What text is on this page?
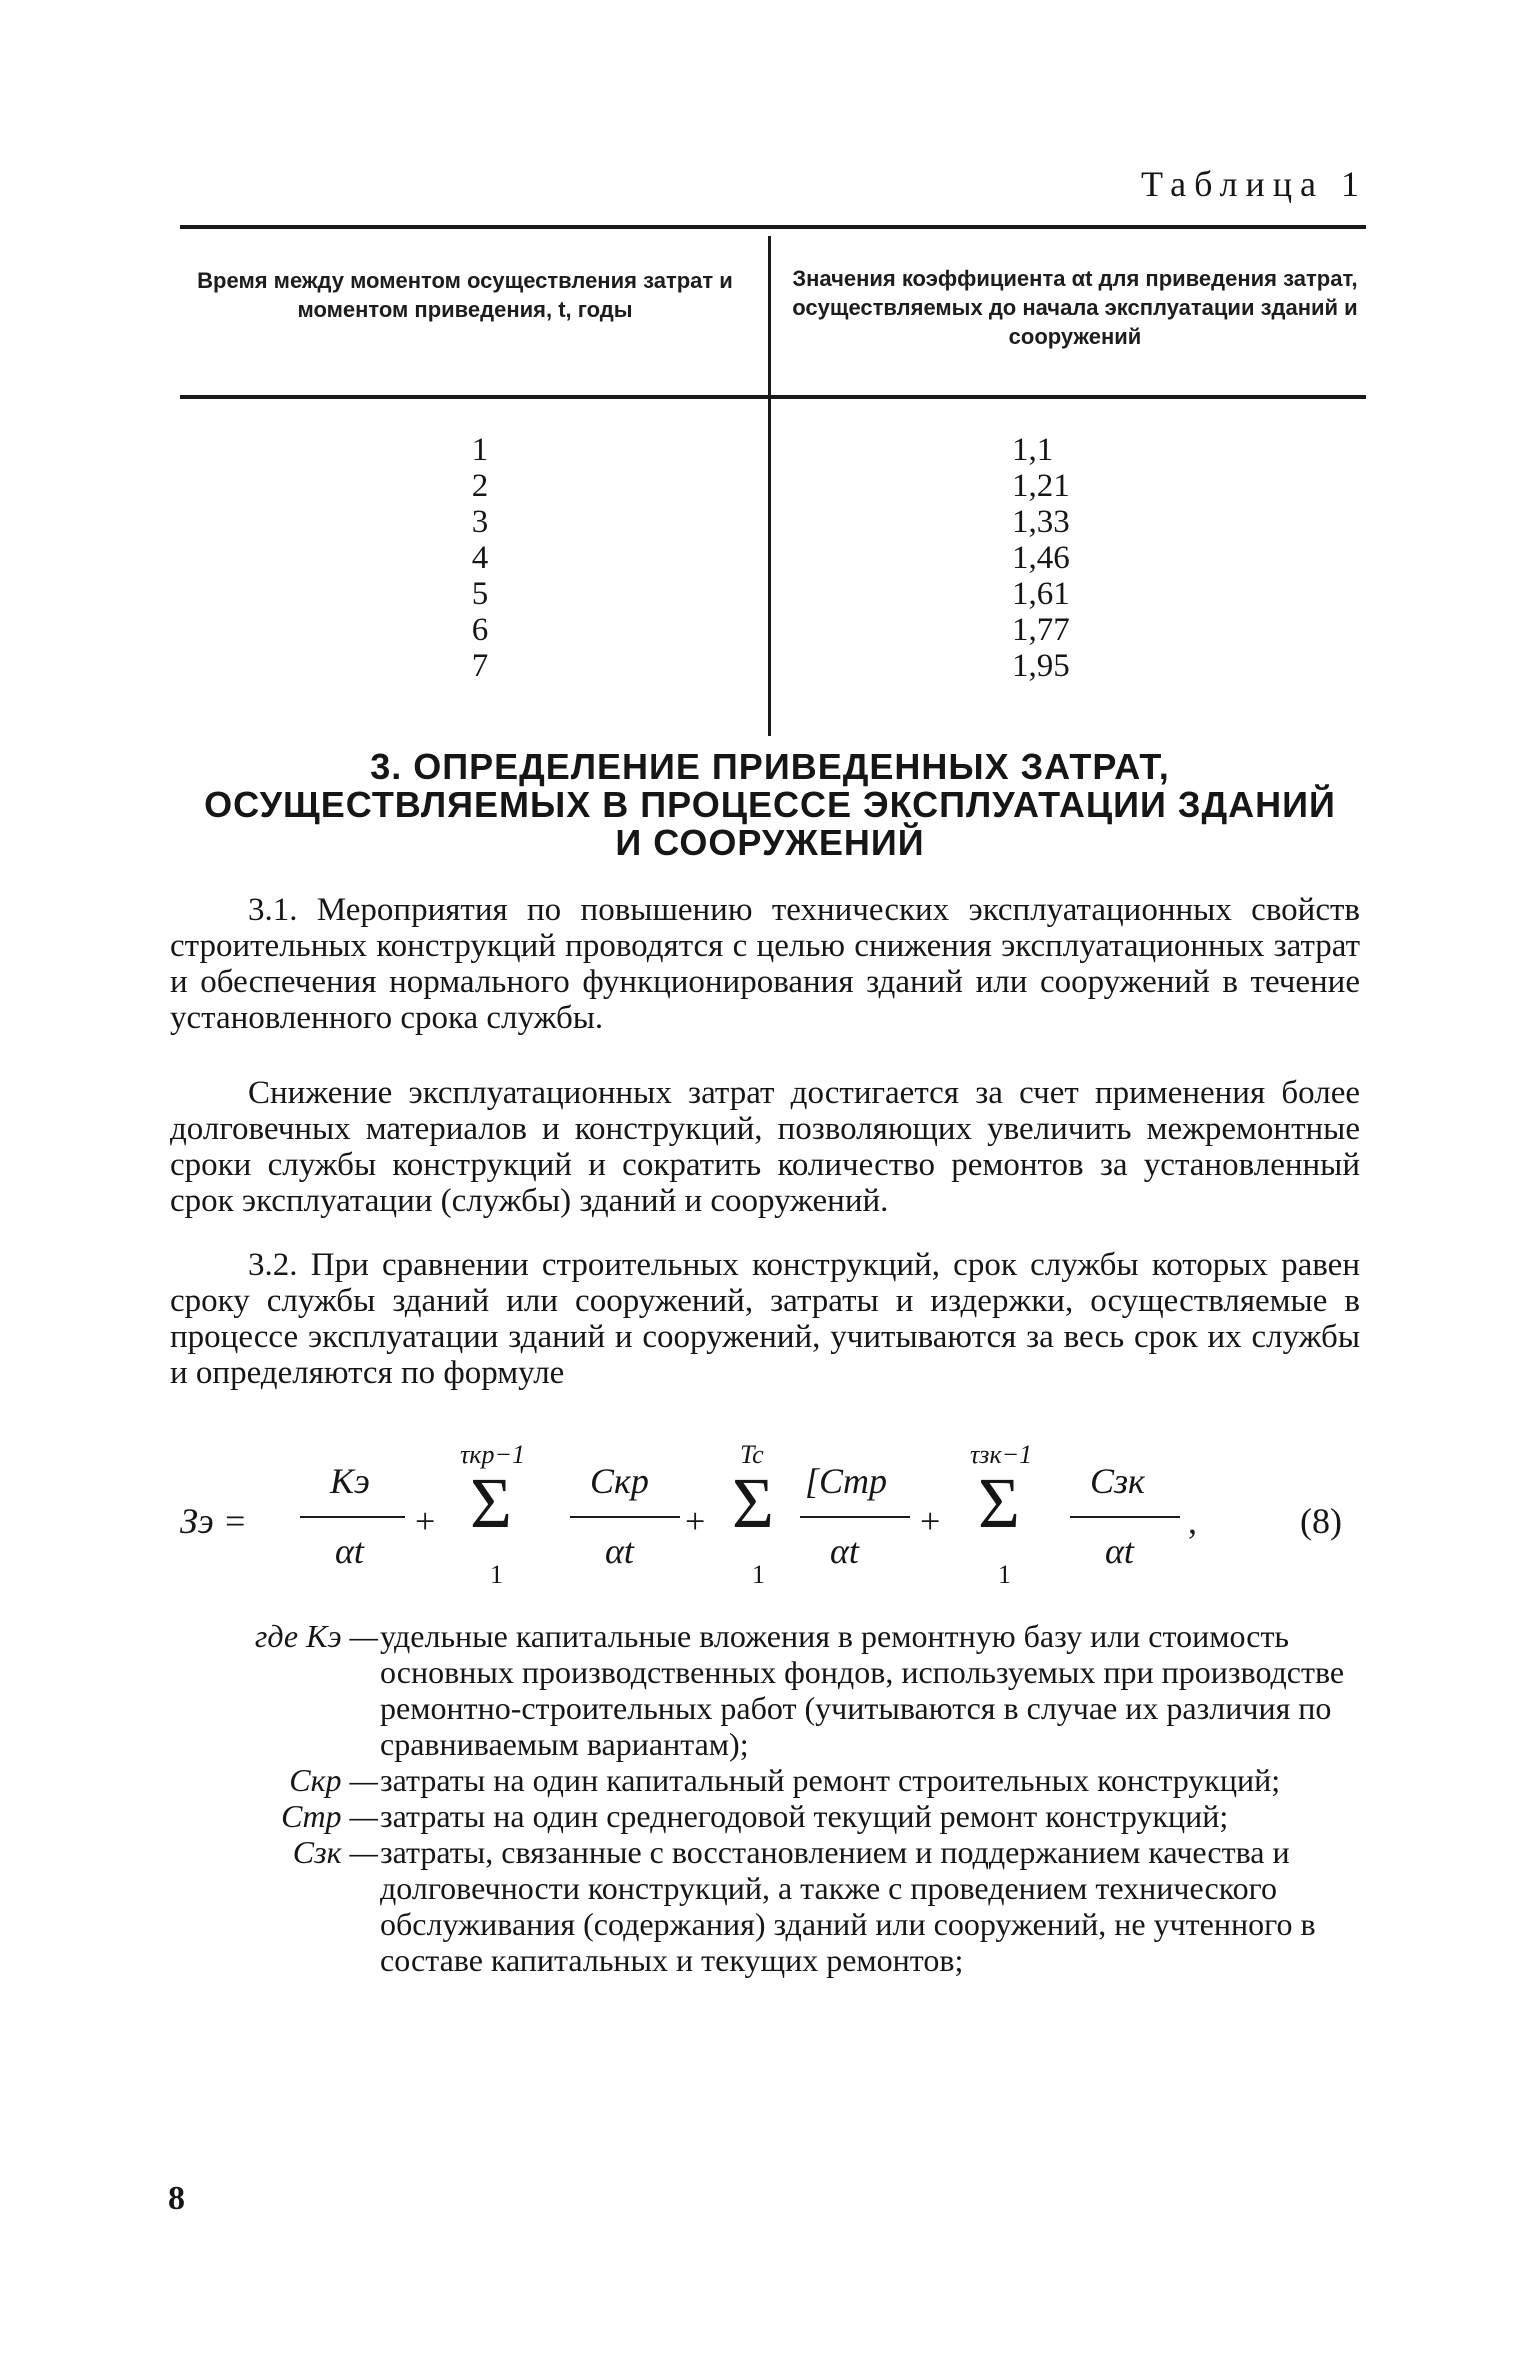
Таблица 1
Время между моментом осуществления затрат и моментом приведения, t, годы
Значения коэффициента αt для приведения затрат, осуществляемых до начала эксплуатации зданий и сооружений
1
2
3
4
5
6
7
1,1
1,21
1,33
1,46
1,61
1,77
1,95
3. ОПРЕДЕЛЕНИЕ ПРИВЕДЕННЫХ ЗАТРАТ,
ОСУЩЕСТВЛЯЕМЫХ В ПРОЦЕССЕ ЭКСПЛУАТАЦИИ ЗДАНИЙ
И СООРУЖЕНИЙ

3.1. Мероприятия по повышению технических эксплуатационных свойств строительных конструкций проводятся с целью снижения эксплуатационных затрат и обеспечения нормального функционирования зданий или сооружений в течение установленного срока службы.

Снижение эксплуатационных затрат достигается за счет применения более долговечных материалов и конструкций, позволяющих увеличить межремонтные сроки службы конструкций и сократить количество ремонтов за установленный срок эксплуатации (службы) зданий и сооружений.

3.2. При сравнении строительных конструкций, срок службы которых равен сроку службы зданий или сооружений, затраты и издержки, осуществляемые в процессе эксплуатации зданий и сооружений, учитываются за весь срок их службы и определяются по формуле

Зэ =
Kэ
αt
+
τкр−1
Σ
1
Cкр
αt
+
Tc
Σ
1
[Cтр
αt
+
τзк−1
Σ
1
Cзк
αt
,	(8)
где Kэ — удельные капитальные вложения в ремонтную базу или стоимость основных производственных фондов, используемых при производстве ремонтно-строительных работ (учитываются в случае их различия по сравниваемым вариантам);
Cкр — затраты на один капитальный ремонт строительных конструкций;
Cтр — затраты на один среднегодовой текущий ремонт конструкций;
Cзк — затраты, связанные с восстановлением и поддержанием качества и долговечности конструкций, а также с проведением технического обслуживания (содержания) зданий или сооружений, не учтенного в составе капитальных и текущих ремонтов;
8
